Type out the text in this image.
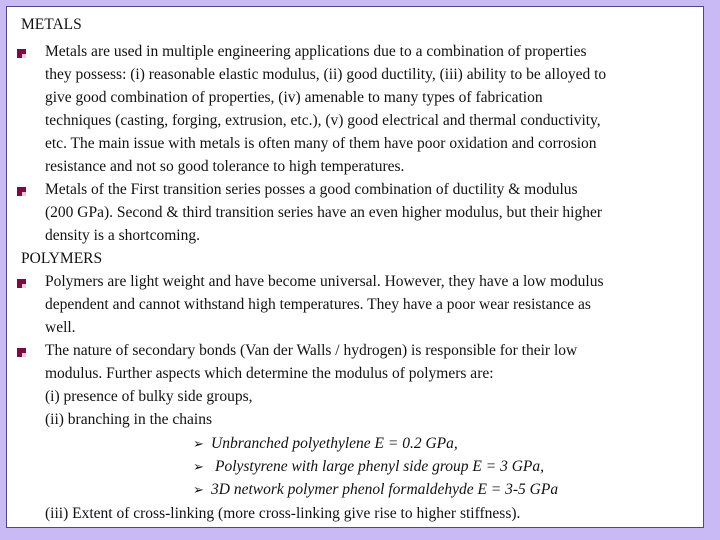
METALS
Metals are used in multiple engineering applications due to a combination of properties
they possess: (i) reasonable elastic modulus, (ii) good ductility, (iii) ability to be alloyed to
give good combination of properties, (iv) amenable to many types of fabrication
techniques (casting, forging, extrusion, etc.), (v) good electrical and thermal conductivity,
etc. The main issue with metals is often many of them have poor oxidation and corrosion
resistance and not so good tolerance to high temperatures.
Metals of the First transition series posses a good combination of ductility & modulus
(200 GPa). Second & third transition series have an even higher modulus, but their higher
density is a shortcoming.
POLYMERS
Polymers are light weight and have become universal. However, they have a low modulus
dependent and cannot withstand high temperatures. They have a poor wear resistance as
well.
The nature of secondary bonds (Van der Walls / hydrogen) is responsible for their low
modulus. Further aspects which determine the modulus of polymers are:
(i) presence of bulky side groups,
(ii) branching in the chains
➢ Unbranched polyethylene E = 0.2 GPa,
➢ Polystyrene with large phenyl side group E = 3 GPa,
➢ 3D network polymer phenol formaldehyde E = 3-5 GPa
(iii) Extent of cross-linking (more cross-linking give rise to higher stiffness).
